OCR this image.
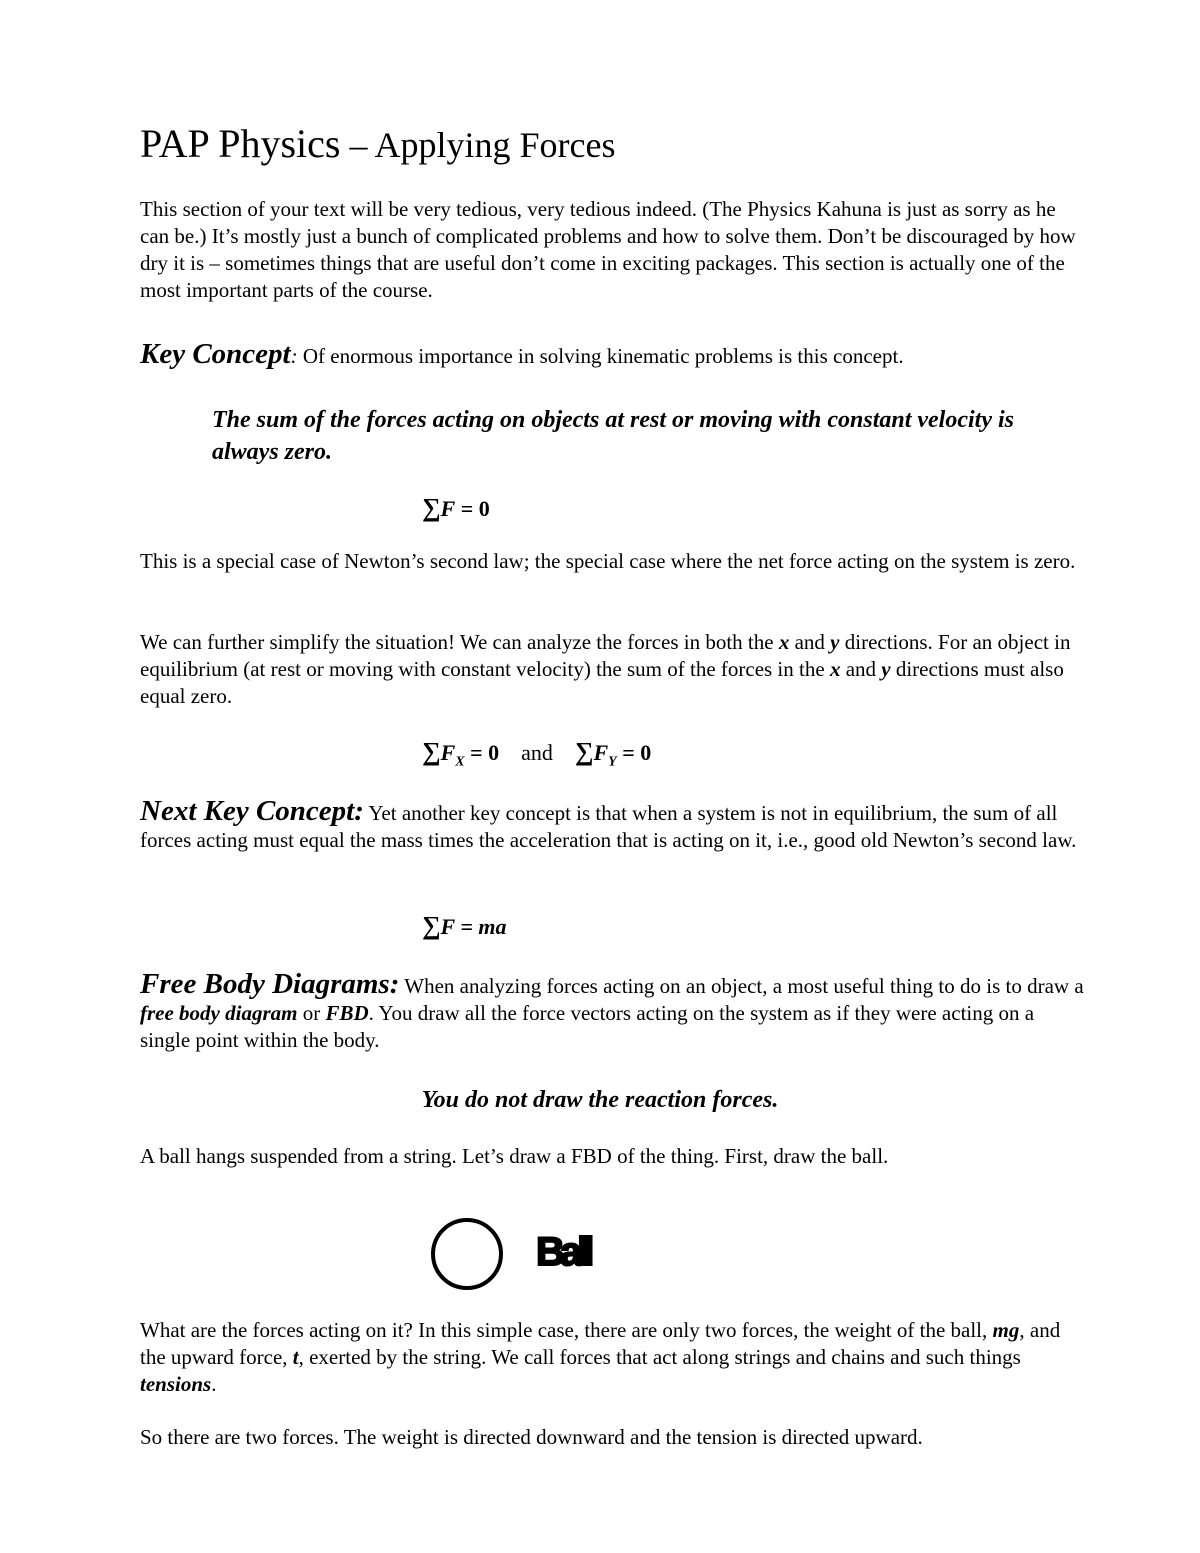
PAP Physics – Applying Forces
This section of your text will be very tedious, very tedious indeed. (The Physics Kahuna is just as sorry as he can be.) It’s mostly just a bunch of complicated problems and how to solve them. Don’t be discouraged by how dry it is – sometimes things that are useful don’t come in exciting packages. This section is actually one of the most important parts of the course.
Key Concept: Of enormous importance in solving kinematic problems is this concept.
The sum of the forces acting on objects at rest or moving with constant velocity is always zero.
∑F = 0
This is a special case of Newton’s second law; the special case where the net force acting on the system is zero.
We can further simplify the situation! We can analyze the forces in both the x and y directions. For an object in equilibrium (at rest or moving with constant velocity) the sum of the forces in the x and y directions must also equal zero.
$\sum F_X = 0$ and $\sum F_Y = 0$
Next Key Concept: Yet another key concept is that when a system is not in equilibrium, the sum of all forces acting must equal the mass times the acceleration that is acting on it, i.e., good old Newton’s second law.
∑F = ma
Free Body Diagrams: When analyzing forces acting on an object, a most useful thing to do is to draw a free body diagram or FBD. You draw all the force vectors acting on the system as if they were acting on a single point within the body.
You do not draw the reaction forces.
A ball hangs suspended from a string. Let’s draw a FBD of the thing. First, draw the ball.
Ball
What are the forces acting on it? In this simple case, there are only two forces, the weight of the ball, mg, and the upward force, t, exerted by the string. We call forces that act along strings and chains and such things tensions.
So there are two forces. The weight is directed downward and the tension is directed upward.
